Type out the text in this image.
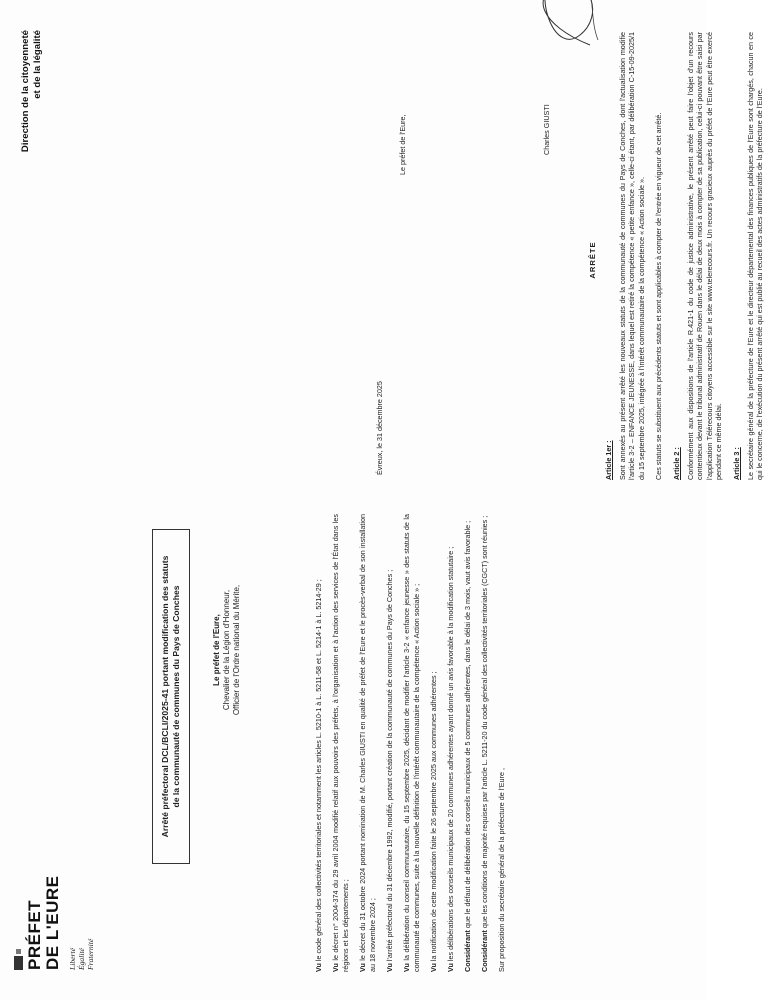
PRÉFET DE L'EURE Liberté Égalité Fraternité
Direction de la citoyenneté et de la légalité
Arrêté préfectoral DCL/BCLI/2025-41 portant modification des statuts de la communauté de communes du Pays de Conches	Le préfet de l'Eure, Chevalier de la Légion d'Honneur, Officier de l'Ordre national du Mérite,

Vu le code général des collectivités territoriales et notamment les articles L. 5210-1 à L. 5211-58 et L. 5214-1 à L. 5214-29 ;

Vu le décret n° 2004-374 du 29 avril 2004 modifié relatif aux pouvoirs des préfets, à l'organisation et à l'action des services de l'État dans les régions et les départements ; Vu le décret du 31 octobre 2024 portant nomination de M. Charles GIUSTI en qualité de préfet de l'Eure et le procès-verbal de son installation au 18 novembre 2024 ; Vu l'arrêté préfectoral du 31 décembre 1992, modifié, portant création de la communauté de communes du Pays de Conches ;

Vu la délibération du conseil communautaire, du 15 septembre 2025, décidant de modifier l'article 3-2 « enfance jeunesse » des statuts de la communauté de communes, suite à la nouvelle définition de l'intérêt communautaire de la compétence « Action sociale » ; Vu la notification de cette modification faite le 26 septembre 2025 aux communes adhérentes ;

Vu les délibérations des conseils municipaux de 20 communes adhérentes ayant donné un avis favorable à la modification statutaire ; Considérant que le défaut de délibération des conseils municipaux de 5 communes adhérentes, dans le délai de 3 mois, vaut avis favorable ;

Considérant que les conditions de majorité requises par l'article L. 5211-20 du code général des collectivités territoriales (CGCT) sont réunies ; Sur proposition du secrétaire général de la préfecture de l'Eure ,

ARRÊTE

Article 1er : Sont annexés au présent arrêté les nouveaux statuts de la communauté de communes du Pays de Conches, dont l'actualisation modifie l'article 3-2 – ENFANCE JEUNESSE, dans lequel est retiré la compétence « petite enfance », celle-ci étant, par délibération C-15-09-2025/1 du 15 septembre 2025, intégrée à l'intérêt communautaire de la compétence « Action sociale ». Ces statuts se substituent aux précédents statuts et sont applicables à compter de l'entrée en vigueur de cet arrêté. Article 2 : Conformément aux dispositions de l'article R.421-1 du code de justice administrative, le présent arrêté peut faire l'objet d'un recours contentieux devant le tribunal administratif de Rouen dans le délai de deux mois à compter de sa publication, celui-ci pouvant être saisi par l'application Télérecours citoyens accessible sur le site www.telerecours.fr. Un recours gracieux auprès du préfet de l'Eure peut être exercé pendant ce même délai. Article 3 : Le secrétaire général de la préfecture de l'Eure et le directeur départemental des finances publiques de l'Eure sont chargés, chacun en ce qui le concerne, de l'exécution du présent arrêté qui est publié au recueil des actes administratifs de la préfecture de l'Eure.

Évreux, le 31 décembre 2025
Le préfet de l'Eure,	Charles GIUSTI
